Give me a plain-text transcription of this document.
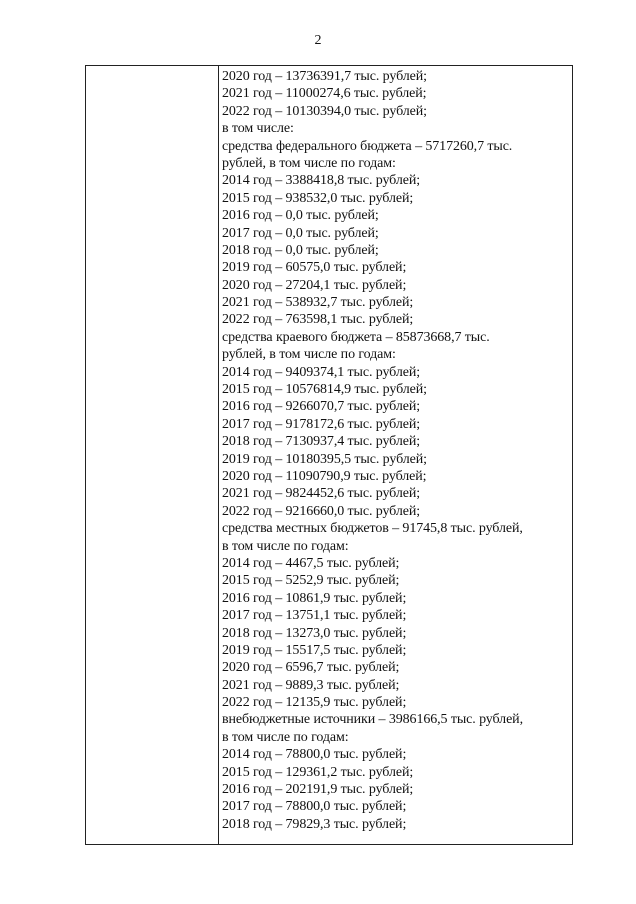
2
2020 год – 13736391,7 тыс. рублей;
2021 год – 11000274,6 тыс. рублей;
2022 год – 10130394,0 тыс. рублей;
в том числе:
средства федерального бюджета – 5717260,7 тыс.
рублей, в том числе по годам:
2014 год – 3388418,8 тыс. рублей;
2015 год – 938532,0 тыс. рублей;
2016 год – 0,0 тыс. рублей;
2017 год – 0,0 тыс. рублей;
2018 год – 0,0 тыс. рублей;
2019 год – 60575,0 тыс. рублей;
2020 год – 27204,1 тыс. рублей;
2021 год – 538932,7 тыс. рублей;
2022 год – 763598,1 тыс. рублей;
средства краевого бюджета – 85873668,7 тыс.
рублей, в том числе по годам:
2014 год – 9409374,1 тыс. рублей;
2015 год – 10576814,9 тыс. рублей;
2016 год – 9266070,7 тыс. рублей;
2017 год – 9178172,6 тыс. рублей;
2018 год – 7130937,4 тыс. рублей;
2019 год – 10180395,5 тыс. рублей;
2020 год – 11090790,9 тыс. рублей;
2021 год – 9824452,6 тыс. рублей;
2022 год – 9216660,0 тыс. рублей;
средства местных бюджетов – 91745,8 тыс. рублей,
в том числе по годам:
2014 год – 4467,5 тыс. рублей;
2015 год – 5252,9 тыс. рублей;
2016 год – 10861,9 тыс. рублей;
2017 год – 13751,1 тыс. рублей;
2018 год – 13273,0 тыс. рублей;
2019 год – 15517,5 тыс. рублей;
2020 год – 6596,7 тыс. рублей;
2021 год – 9889,3 тыс. рублей;
2022 год – 12135,9 тыс. рублей;
внебюджетные источники – 3986166,5 тыс. рублей,
в том числе по годам:
2014 год – 78800,0 тыс. рублей;
2015 год – 129361,2 тыс. рублей;
2016 год – 202191,9 тыс. рублей;
2017 год – 78800,0 тыс. рублей;
2018 год – 79829,3 тыс. рублей;
